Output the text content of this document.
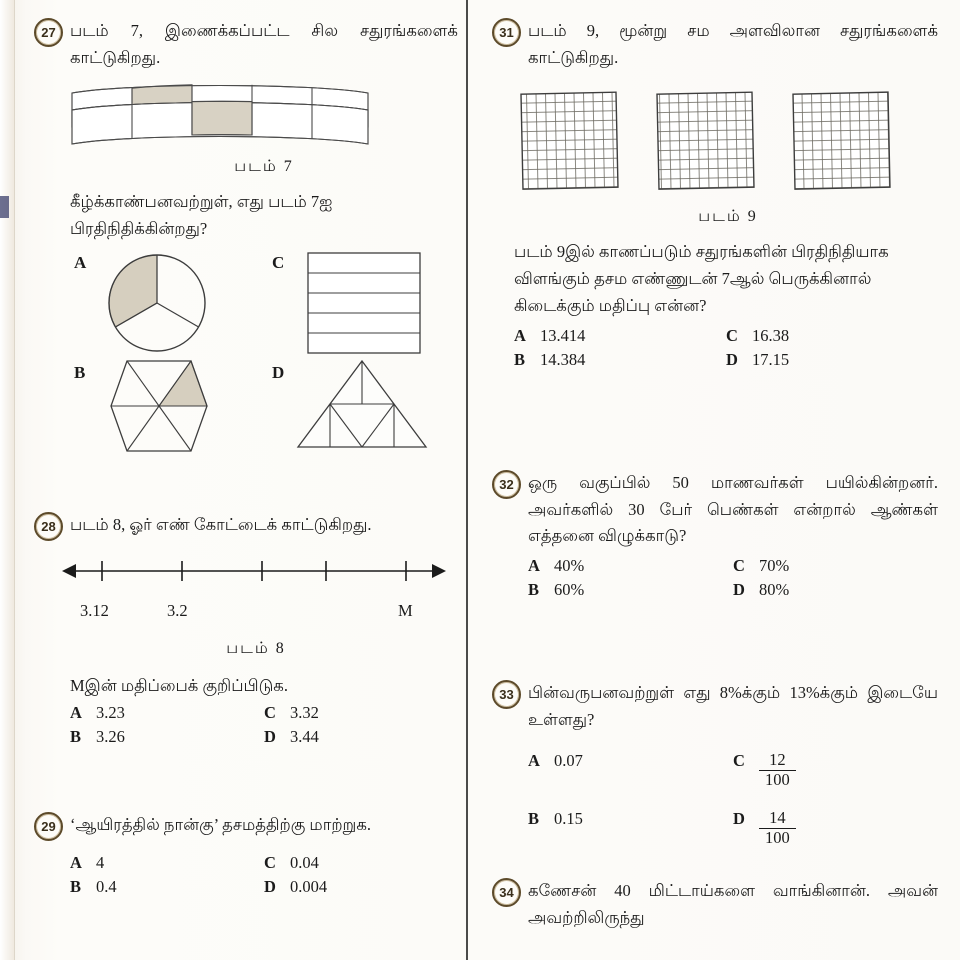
27 படம் 7, இணைக்கப்பட்ட சில சதுரங்களைக் காட்டுகிறது.
படம் 7
கீழ்க்காண்பனவற்றுள், எது படம் 7ஐ பிரதிநிதிக்கின்றது?
A
B
C
D
28 படம் 8, ஓர் எண் கோட்டைக் காட்டுகிறது.
3.12	3.2	M
படம் 8
Mஇன் மதிப்பைக் குறிப்பிடுக.
A 3.23	C 3.32
B 3.26	D 3.44
29 ‘ஆயிரத்தில் நான்கு’ தசமத்திற்கு மாற்றுக.
A 4	C 0.04
B 0.4	D 0.004
31 படம் 9, மூன்று சம அளவிலான சதுரங்களைக் காட்டுகிறது.
படம் 9
படம் 9இல் காணப்படும் சதுரங்களின் பிரதிநிதியாக விளங்கும் தசம எண்ணுடன் 7ஆல் பெருக்கினால் கிடைக்கும் மதிப்பு என்ன?
A 13.414	C 16.38
B 14.384	D 17.15
32 ஒரு வகுப்பில் 50 மாணவர்கள் பயில்கின்றனர். அவர்களில் 30 பேர் பெண்கள் என்றால் ஆண்கள் எத்தனை விழுக்காடு?
A 40%	C 70%
B 60%	D 80%
33 பின்வருபனவற்றுள் எது 8%க்கும் 13%க்கும் இடையே உள்ளது?
A 0.07	C $\frac{12}{100}$
B 0.15	D $\frac{14}{100}$
34 கணேசன் 40 மிட்டாய்களை வாங்கினான். அவன் அவற்றிலிருந்து
